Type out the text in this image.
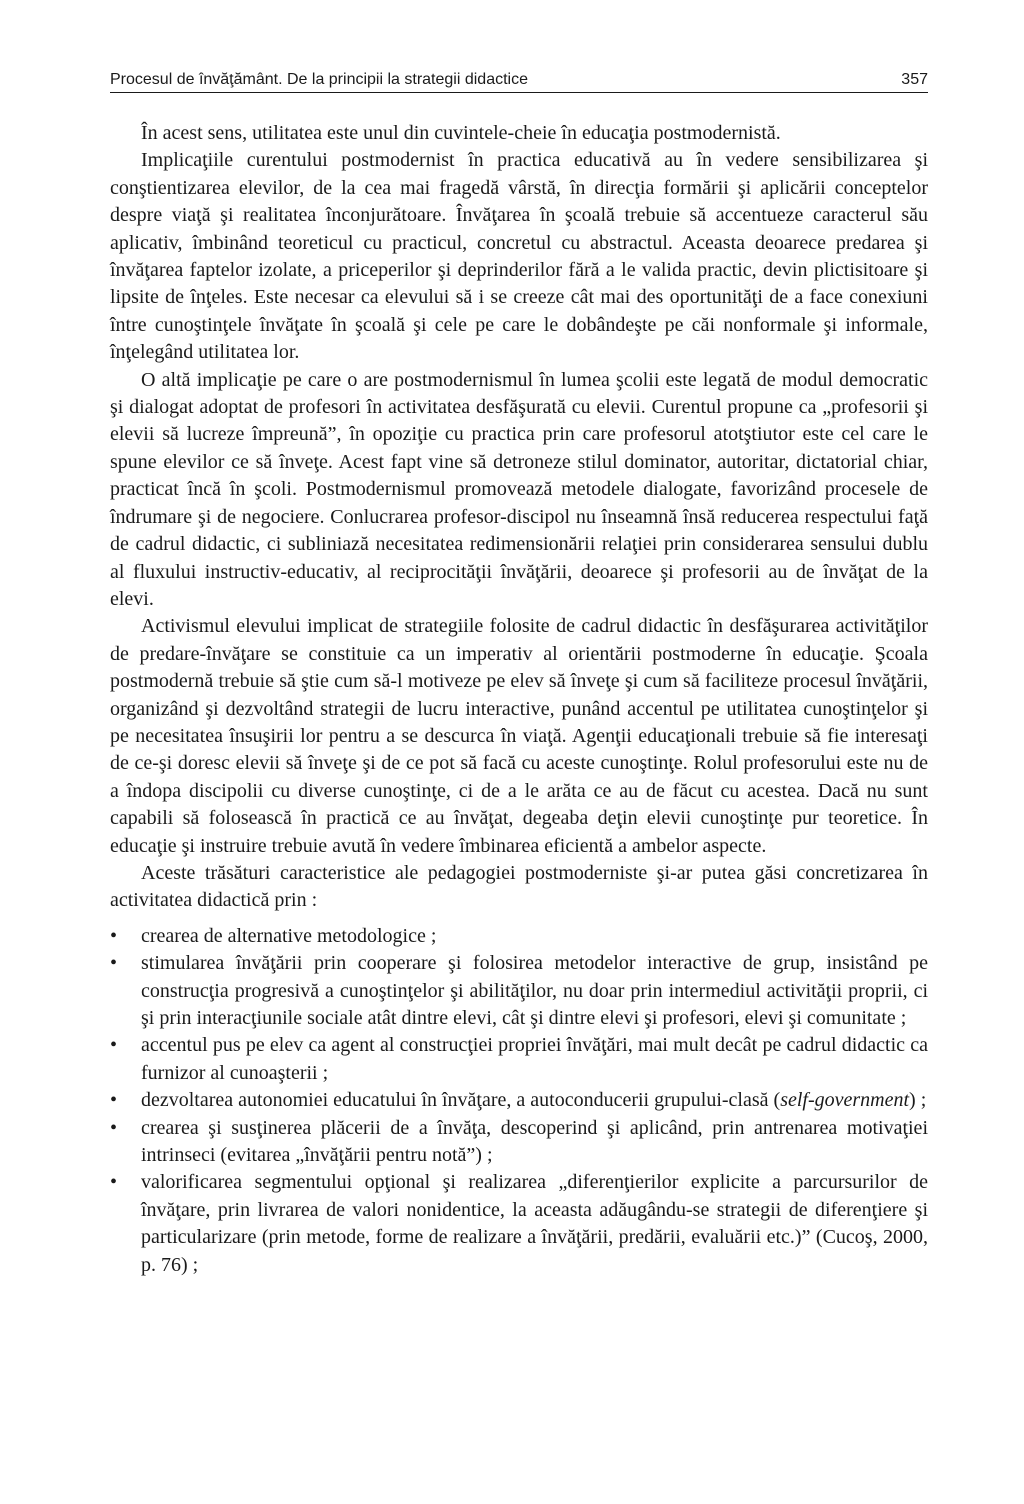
Procesul de învăţământ. De la principii la strategii didactice	357

În acest sens, utilitatea este unul din cuvintele-cheie în educaţia postmodernistă.

Implicaţiile curentului postmodernist în practica educativă au în vedere sensibilizarea şi conştientizarea elevilor, de la cea mai fragedă vârstă, în direcţia formării şi aplicării conceptelor despre viaţă şi realitatea înconjurătoare. Învăţarea în şcoală trebuie să accentueze caracterul său aplicativ, îmbinând teoreticul cu practicul, concretul cu abstractul. Aceasta deoarece predarea şi învăţarea faptelor izolate, a priceperilor şi deprinderilor fără a le valida practic, devin plictisitoare şi lipsite de înţeles. Este necesar ca elevului să i se creeze cât mai des oportunităţi de a face conexiuni între cunoştinţele învăţate în şcoală şi cele pe care le dobândeşte pe căi nonformale şi informale, înţelegând utilitatea lor.

O altă implicaţie pe care o are postmodernismul în lumea şcolii este legată de modul democratic şi dialogat adoptat de profesori în activitatea desfăşurată cu elevii. Curentul propune ca „profesorii şi elevii să lucreze împreună”, în opoziţie cu practica prin care profesorul atotştiutor este cel care le spune elevilor ce să înveţe. Acest fapt vine să detroneze stilul dominator, autoritar, dictatorial chiar, practicat încă în şcoli. Postmodernismul promovează metodele dialogate, favorizând procesele de îndrumare şi de negociere. Conlucrarea profesor-discipol nu înseamnă însă reducerea respectului faţă de cadrul didactic, ci subliniază necesitatea redimensionării relaţiei prin considerarea sensului dublu al fluxului instructiv-educativ, al reciprocităţii învăţării, deoarece şi profesorii au de învăţat de la elevi.

Activismul elevului implicat de strategiile folosite de cadrul didactic în desfăşurarea activităţilor de predare-învăţare se constituie ca un imperativ al orientării postmoderne în educaţie. Şcoala postmodernă trebuie să ştie cum să-l motiveze pe elev să înveţe şi cum să faciliteze procesul învăţării, organizând şi dezvoltând strategii de lucru interactive, punând accentul pe utilitatea cunoştinţelor şi pe necesitatea însuşirii lor pentru a se descurca în viaţă. Agenţii educaţionali trebuie să fie interesaţi de ce-şi doresc elevii să înveţe şi de ce pot să facă cu aceste cunoştinţe. Rolul profesorului este nu de a îndopa discipolii cu diverse cunoştinţe, ci de a le arăta ce au de făcut cu acestea. Dacă nu sunt capabili să folosească în practică ce au învăţat, degeaba deţin elevii cunoştinţe pur teoretice. În educaţie şi instruire trebuie avută în vedere îmbinarea eficientă a ambelor aspecte.

Aceste trăsături caracteristice ale pedagogiei postmoderniste şi-ar putea găsi concretizarea în activitatea didactică prin :

• crearea de alternative metodologice ;
• stimularea învăţării prin cooperare şi folosirea metodelor interactive de grup, insistând pe construcţia progresivă a cunoştinţelor şi abilităţilor, nu doar prin intermediul activităţii proprii, ci şi prin interacţiunile sociale atât dintre elevi, cât şi dintre elevi şi profesori, elevi şi comunitate ;
• accentul pus pe elev ca agent al construcţiei propriei învăţări, mai mult decât pe cadrul didactic ca furnizor al cunoaşterii ;
• dezvoltarea autonomiei educatului în învăţare, a autoconducerii grupului-clasă (self-government) ;
• crearea şi susţinerea plăcerii de a învăţa, descoperind şi aplicând, prin antrenarea motivaţiei intrinseci (evitarea „învăţării pentru notă”) ;
• valorificarea segmentului opţional şi realizarea „diferenţierilor explicite a parcursurilor de învăţare, prin livrarea de valori nonidentice, la aceasta adăugându-se strategii de diferenţiere şi particularizare (prin metode, forme de realizare a învăţării, predării, evaluării etc.)” (Cucoş, 2000, p. 76) ;
